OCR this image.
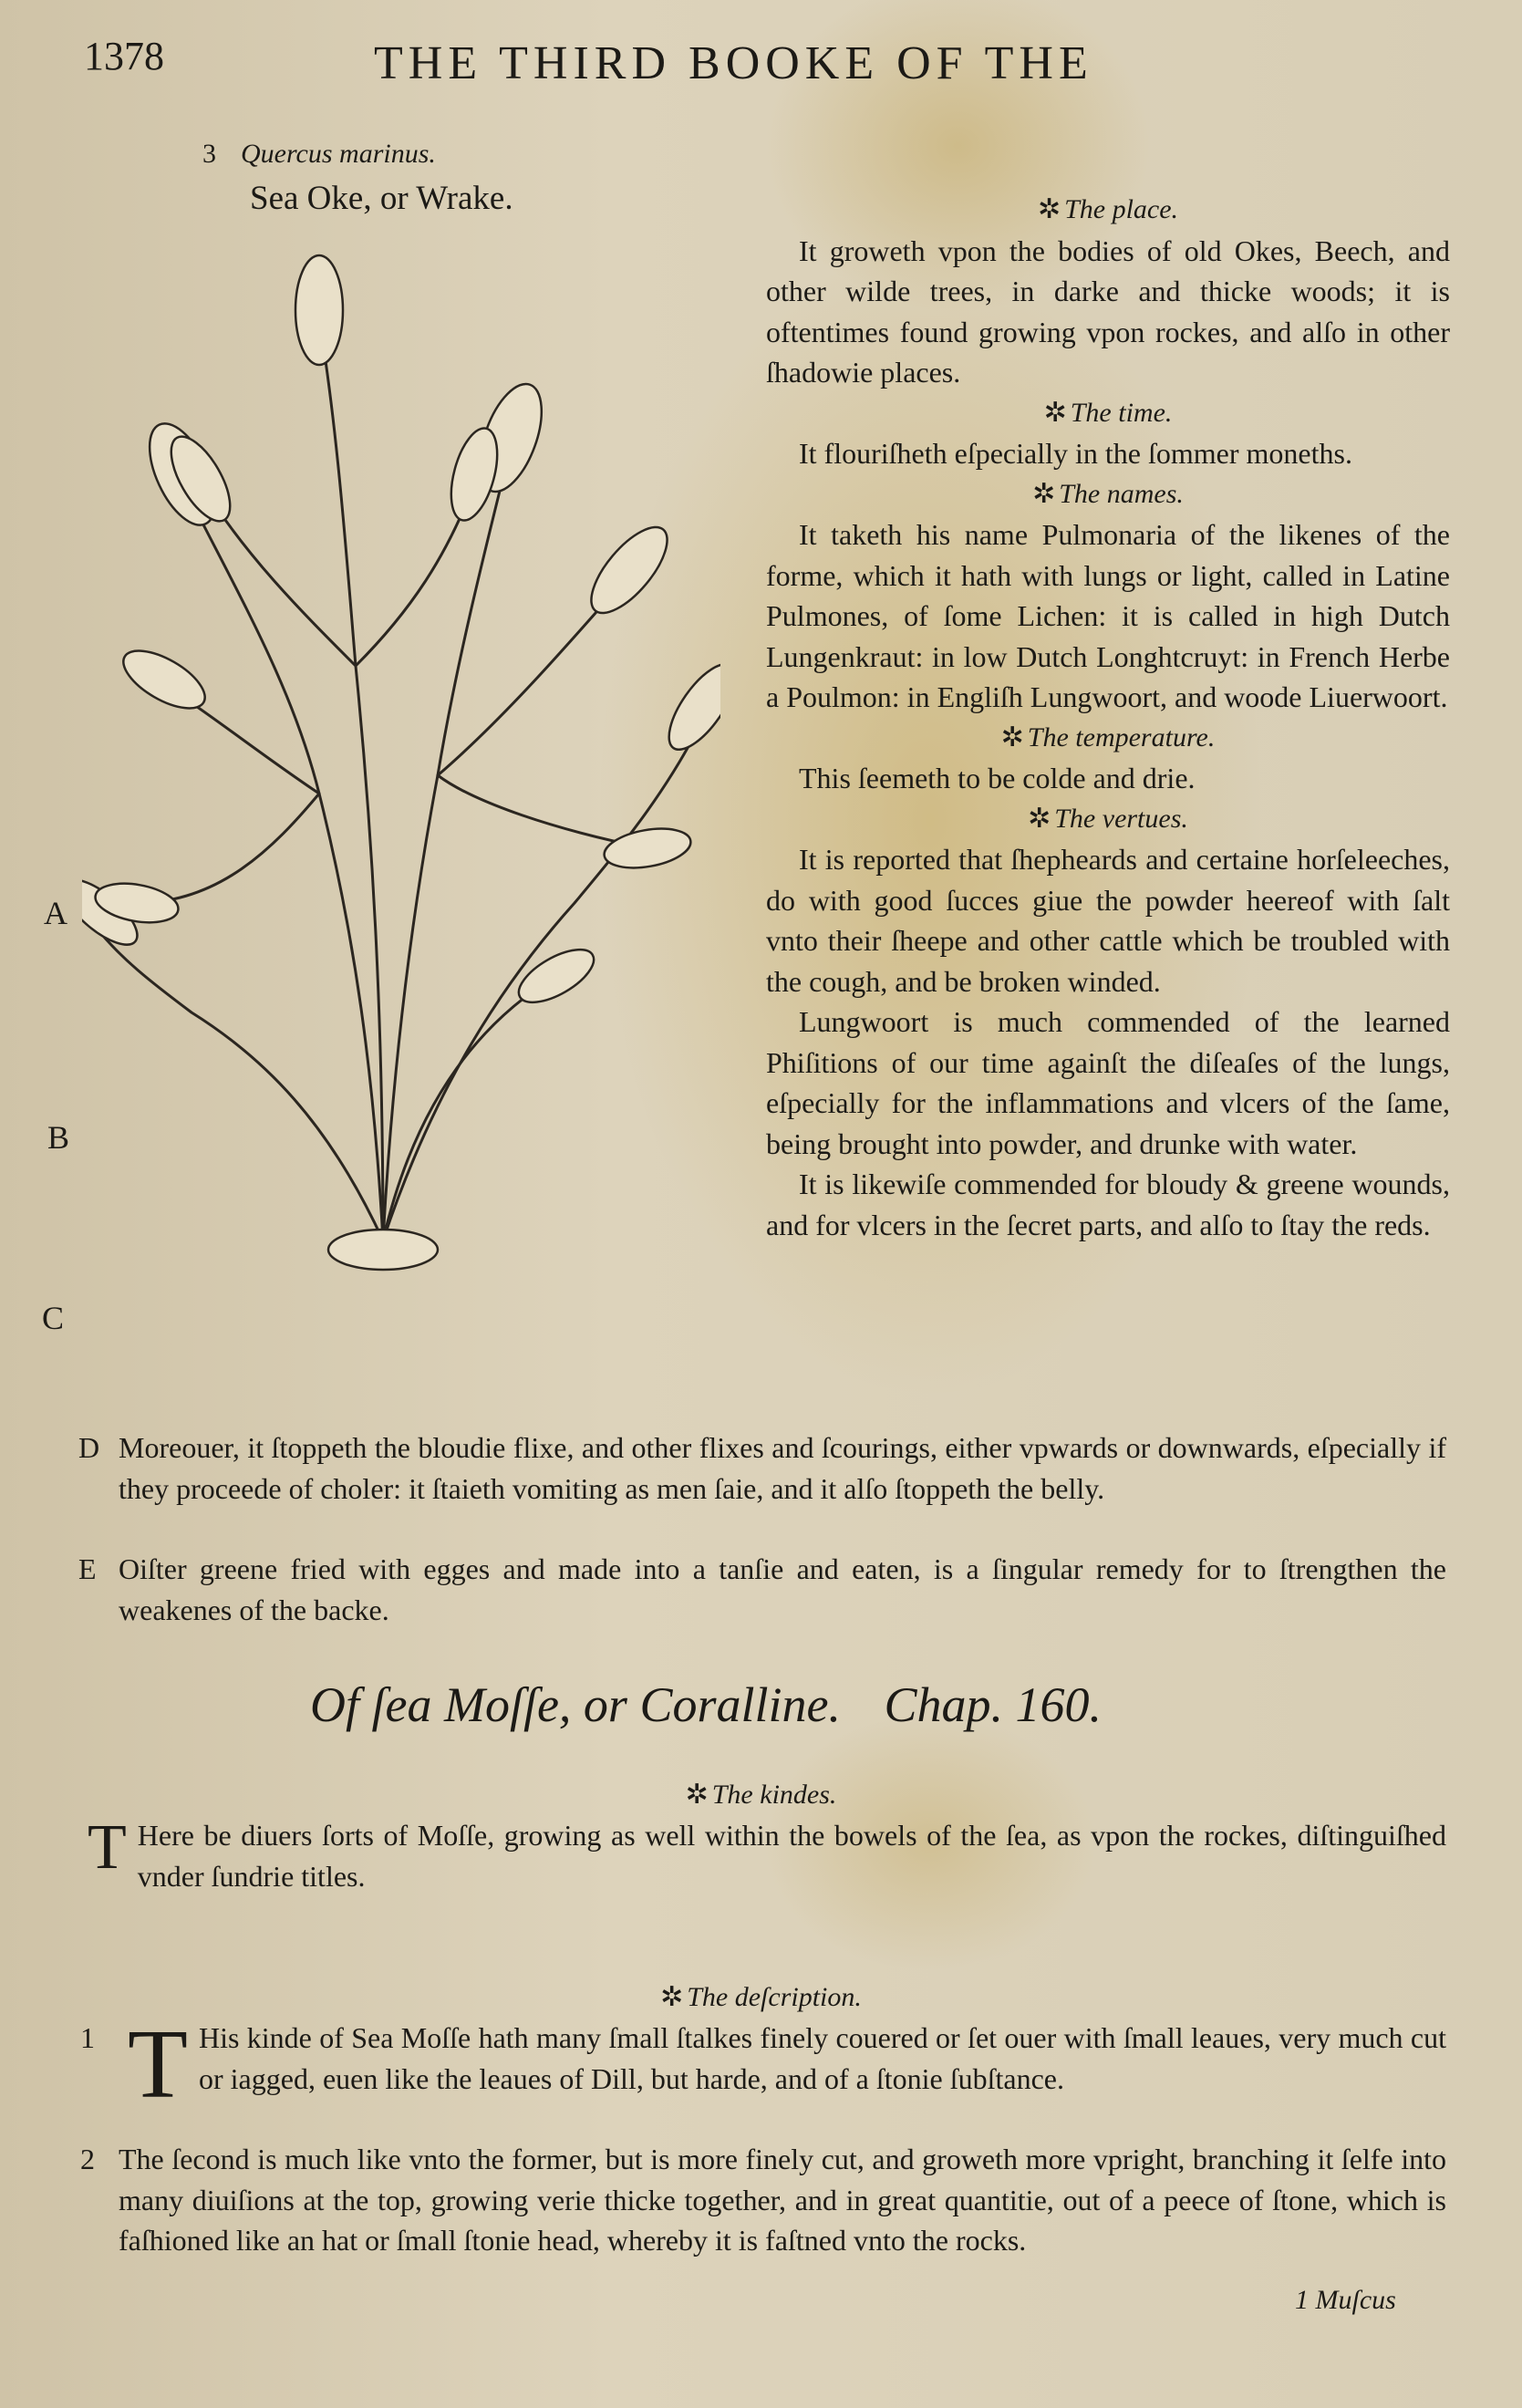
1378	THE THIRD BOOKE OF THE
3 Quercus marinus.
Sea Oke, or Wrake.
A
B
C
✲ The place.

It groweth vpon the bodies of old Okes, Beech, and other wilde trees, in darke and thicke woods; it is oftentimes found growing vpon rockes, and alſo in other ſhadowie places.

✲ The time.

It flouriſheth eſpecially in the ſommer moneths.

✲ The names.

It taketh his name Pulmonaria of the likenes of the forme, which it hath with lungs or light, called in Latine Pulmones, of ſome Lichen: it is called in high Dutch Lungenkraut: in low Dutch Longhtcruyt: in French Herbe a Poulmon: in Engliſh Lungwoort, and woode Liuerwoort.

✲ The temperature.

This ſeemeth to be colde and drie.

✲ The vertues.

It is reported that ſhepheards and certaine horſeleeches, do with good ſucces giue the powder heereof with ſalt vnto their ſheepe and other cattle which be troubled with the cough, and be broken winded.

Lungwoort is much commended of the learned Phiſitions of our time againſt the diſeaſes of the lungs, eſpecially for the inflammations and vlcers of the ſame, being brought into powder, and drunke with water.

It is likewiſe commended for bloudy & greene wounds, and for vlcers in the ſecret parts, and alſo to ſtay the reds.

D Moreouer, it ſtoppeth the bloudie flixe, and other flixes and ſcourings, either vpwards or downwards, eſpecially if they proceede of choler: it ſtaieth vomiting as men ſaie, and it alſo ſtoppeth the belly.
E Oiſter greene fried with egges and made into a tanſie and eaten, is a ſingular remedy for to ſtrengthen the weakenes of the backe.
Of ſea Moſſe, or Coralline. Chap. 160.
✲ The kindes.
T Here be diuers ſorts of Moſſe, growing as well within the bowels of the ſea, as vpon the rockes, diſtinguiſhed vnder ſundrie titles.
✲ The deſcription.
1 T His kinde of Sea Moſſe hath many ſmall ſtalkes finely couered or ſet ouer with ſmall leaues, very much cut or iagged, euen like the leaues of Dill, but harde, and of a ſtonie ſubſtance.
2 The ſecond is much like vnto the former, but is more finely cut, and groweth more vpright, branching it ſelfe into many diuiſions at the top, growing verie thicke together, and in great quantitie, out of a peece of ſtone, which is faſhioned like an hat or ſmall ſtonie head, whereby it is faſtned vnto the rocks.
1 Muſcus
